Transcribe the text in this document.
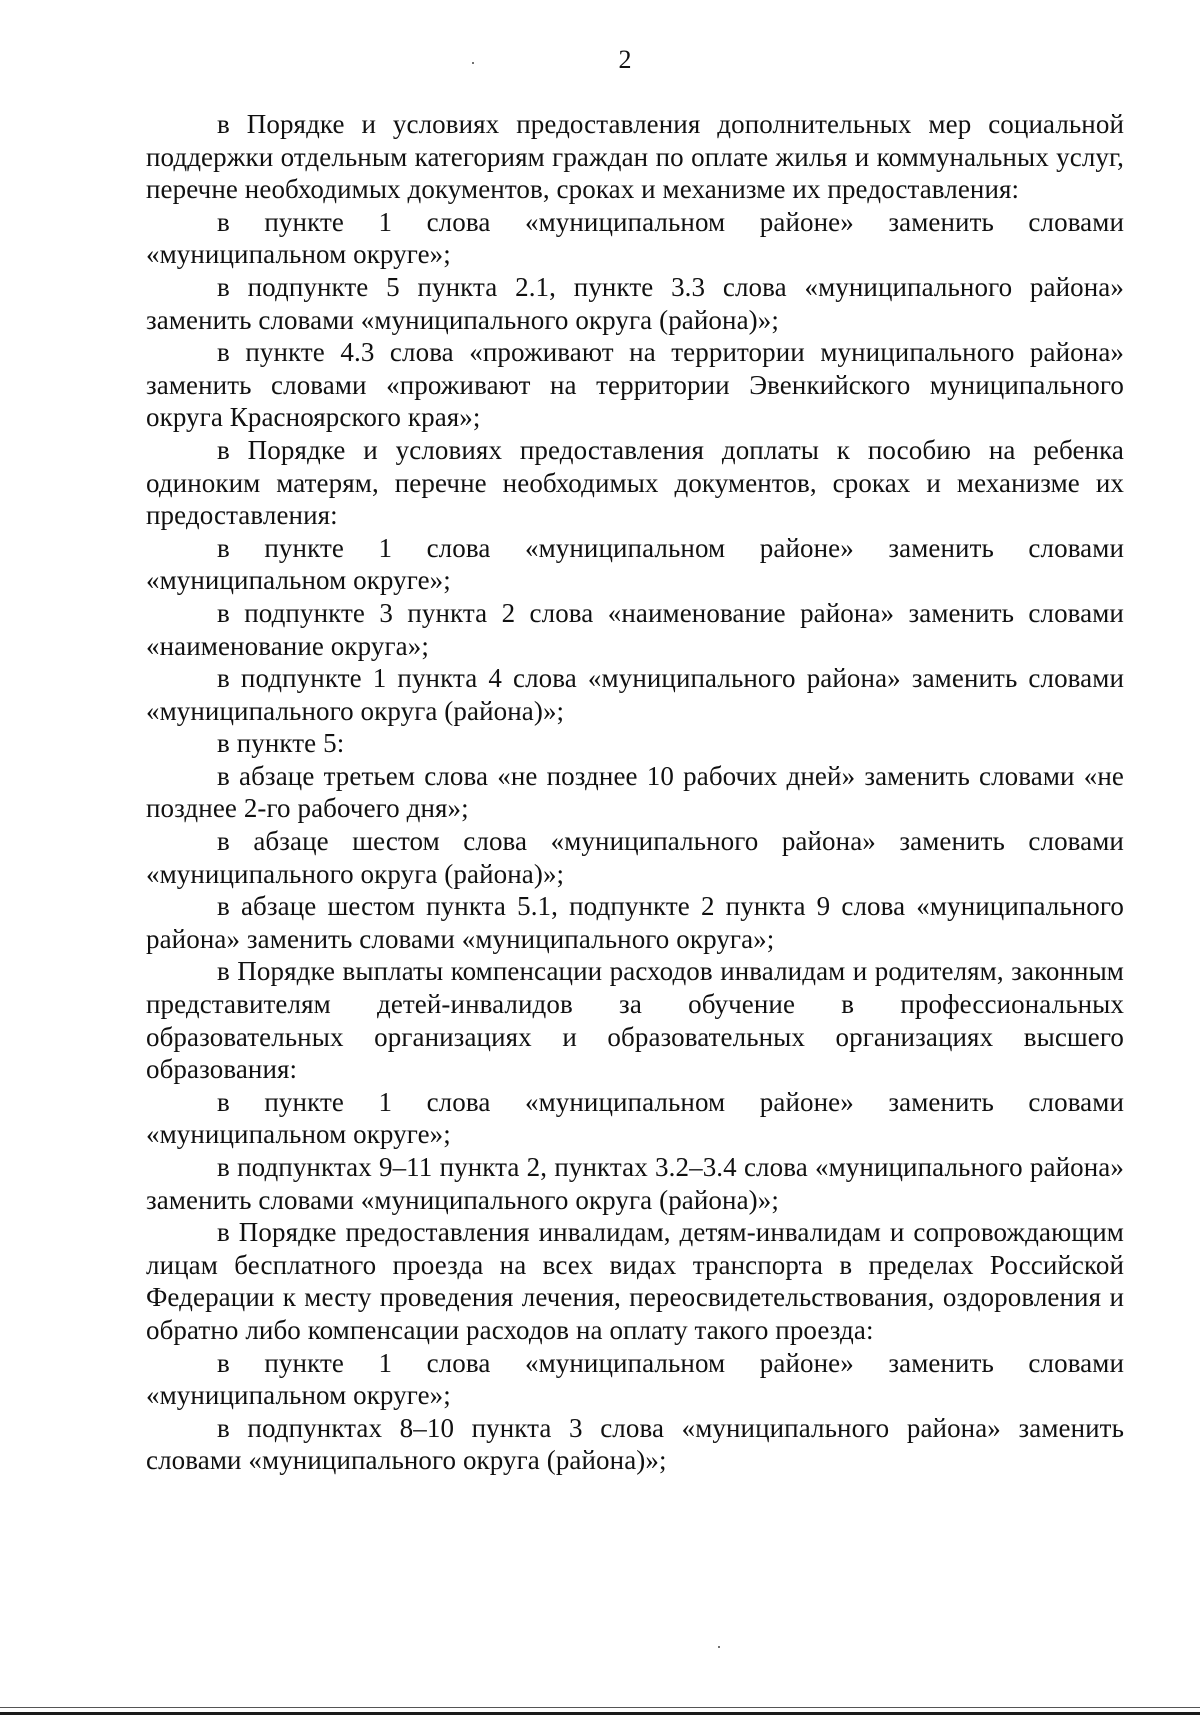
2

в Порядке и условиях предоставления дополнительных мер социальной поддержки отдельным категориям граждан по оплате жилья и коммунальных услуг, перечне необходимых документов, сроках и механизме их предоставления:

в пункте 1 слова «муниципальном районе» заменить словами «муниципальном округе»;

в подпункте 5 пункта 2.1, пункте 3.3 слова «муниципального района» заменить словами «муниципального округа (района)»;

в пункте 4.3 слова «проживают на территории муниципального района» заменить словами «проживают на территории Эвенкийского муниципального округа Красноярского края»;

в Порядке и условиях предоставления доплаты к пособию на ребенка одиноким матерям, перечне необходимых документов, сроках и механизме их предоставления:

в пункте 1 слова «муниципальном районе» заменить словами «муниципальном округе»;

в подпункте 3 пункта 2 слова «наименование района» заменить словами «наименование округа»;

в подпункте 1 пункта 4 слова «муниципального района» заменить словами «муниципального округа (района)»;

в пункте 5:

в абзаце третьем слова «не позднее 10 рабочих дней» заменить словами «не позднее 2-го рабочего дня»;

в абзаце шестом слова «муниципального района» заменить словами «муниципального округа (района)»;

в абзаце шестом пункта 5.1, подпункте 2 пункта 9 слова «муниципального района» заменить словами «муниципального округа»;

в Порядке выплаты компенсации расходов инвалидам и родителям, законным представителям детей-инвалидов за обучение в профессиональных образовательных организациях и образовательных организациях высшего образования:

в пункте 1 слова «муниципальном районе» заменить словами «муниципальном округе»;

в подпунктах 9–11 пункта 2, пунктах 3.2–3.4 слова «муниципального района» заменить словами «муниципального округа (района)»;

в Порядке предоставления инвалидам, детям-инвалидам и сопровождающим лицам бесплатного проезда на всех видах транспорта в пределах Российской Федерации к месту проведения лечения, переосвидетельствования, оздоровления и обратно либо компенсации расходов на оплату такого проезда:

в пункте 1 слова «муниципальном районе» заменить словами «муниципальном округе»;

в подпунктах 8–10 пункта 3 слова «муниципального района» заменить словами «муниципального округа (района)»;
